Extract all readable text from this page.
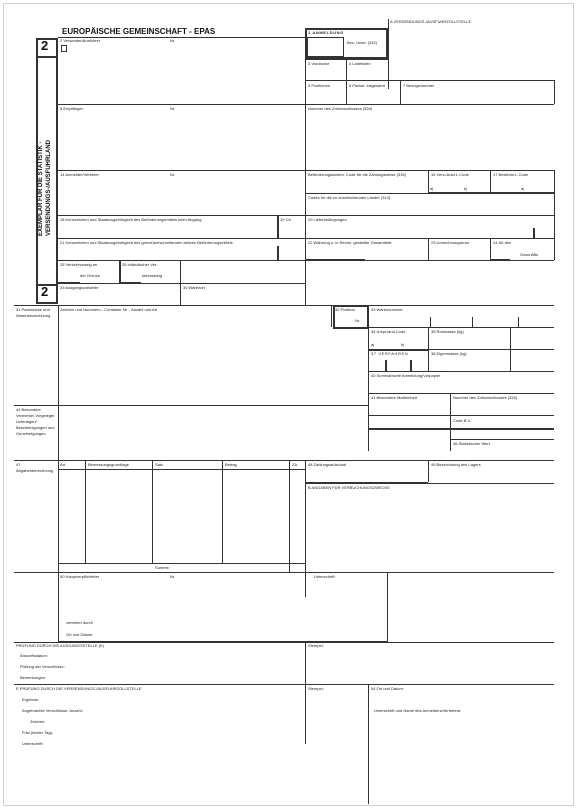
EUROPÄISCHE GEMEINSCHAFT - EPAS
A VERSENDUNGS-/AUSFUHRZOLLSTELLE
2
2
EXEMPLAR FÜR DIE STATISTIK - VERSENDUNGS-/AUSFUHRLAND
1 ANMELDUNG
Bez. Urwd. (332)
3 Vordrucke	4 Ladelisten
5 Positionen	6 Packst. insgesamt	7 Bezugsnummer
2 Versender/Ausführer	Nr.
8 Empfänger	Nr.	Nummer des Zollverschlusses (328)
14 Anmelder/Vertreter	Nr.	Beförderungskosten, Code für die Zahlungsweise (335)	15 Vers./Ausf.L.Code	17 Bestimm.L.Code
a|	b|	a|
Codes für die zu durchfahrenden Länder (313)
18 Kennzeichen und Staatszugehörigkeit des Beförderungsmittels beim Abgang	19 Ctr.	20 Lieferbedingungen
21 Kennzeichen und Staatszugehörigkeit des grenzüberschreitenden aktiven Beförderungsmittels	22 Währung u. in Rechn. gestellter Gesamtbetr.	23 Umrechnungskurs	24 Art des
Geschäfts
25 Verkehrszweig an
der Grenze
26 Inländischer Ver-
kehrszweig
29 Ausgangszollstelle	30 Warenort
31 Packstücke und Warenbezeichnung
Zeichen und Nummern - Container Nr. - Anzahl und Art	32 Position
Nr.
33 Warennummer
34 Urspr.land Code	35 Rohmasse (kg)
a|	b|
37 VERFAHREN	38 Eigenmasse (kg)
40 Summarische Anmeldung/Vorpapier
41 Besondere Maßeinheit	Nummer des Zollverschlusses (328)
44 Besondere Vermerke/ Vorgelegte Unterlagen/ Bescheinigungen und Genehmigungen
Code B.V.
46 Statistischer Wert
47 Abgabenberechnung
Art	Bemessungsgrundlage	Satz	Betrag	ZA	48 Zahlungsaufschub	49 Bezeichnung des Lagers
B ANGABEN FÜR VERBUCHUNGSZWECKE
Summe:
50 Hauptverpflichteter	Nr.	Unterschrift:
vertreten durch
Ort und Datum:
PRÜFUNG DURCH DIE AUSGANGSSTELLE (K)	Stempel:
Ankunftsdatum:
Prüfung der Verschlüsse:
Bemerkungen:
E PRÜFUNG DURCH DIE VERSENDUNGS-/AUSFUHRZOLLSTELLE	Stempel:	54 Ort und Datum:
Unterschrift und Name des Anmelders/Vertreters:
Ergebnis:
Angebrachte Verschlüsse: Anzahl:
Zeichen:
Frist (letzter Tag):
Unterschrift:
